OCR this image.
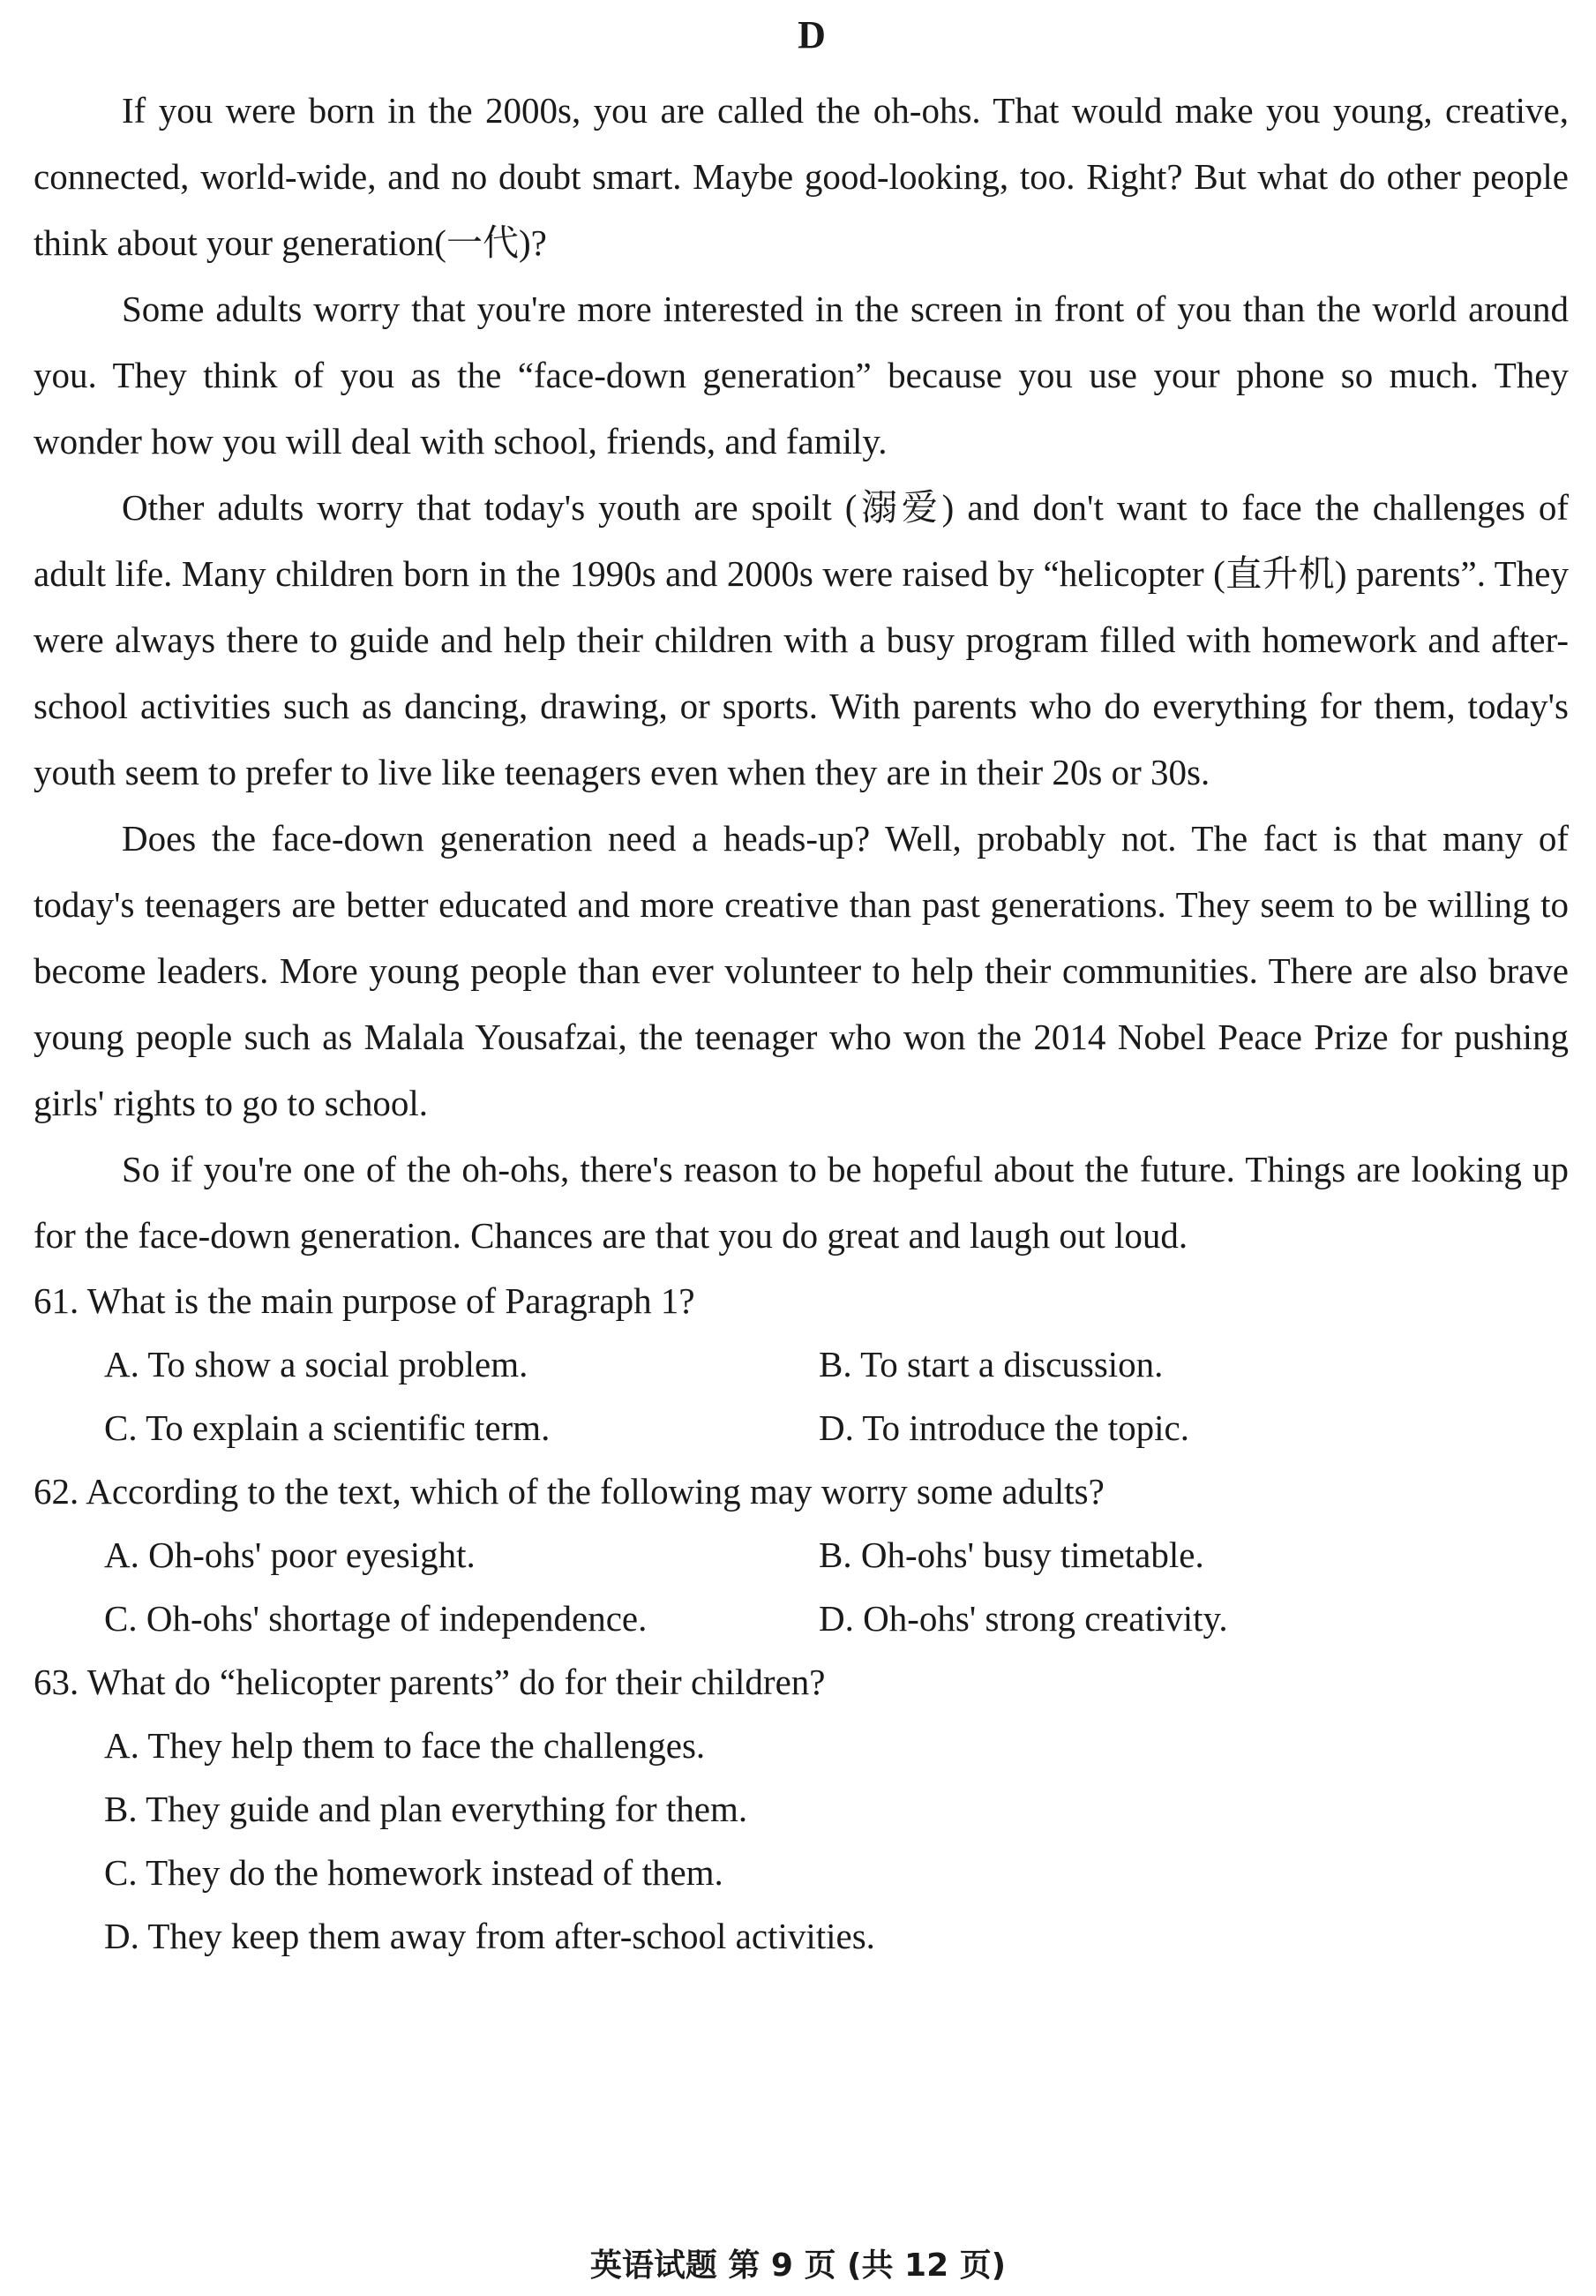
D

If you were born in the 2000s, you are called the oh-ohs. That would make you young, creative, connected, world-wide, and no doubt smart. Maybe good-looking, too. Right? But what do other people think about your generation(一代)?

Some adults worry that you're more interested in the screen in front of you than the world around you. They think of you as the “face-down generation” because you use your phone so much. They wonder how you will deal with school, friends, and family.

Other adults worry that today's youth are spoilt (溺爱) and don't want to face the challenges of adult life. Many children born in the 1990s and 2000s were raised by “helicopter (直升机) parents”. They were always there to guide and help their children with a busy program filled with homework and after-school activities such as dancing, drawing, or sports. With parents who do everything for them, today's youth seem to prefer to live like teenagers even when they are in their 20s or 30s.

Does the face-down generation need a heads-up? Well, probably not. The fact is that many of today's teenagers are better educated and more creative than past generations. They seem to be willing to become leaders. More young people than ever volunteer to help their communities. There are also brave young people such as Malala Yousafzai, the teenager who won the 2014 Nobel Peace Prize for pushing girls' rights to go to school.

So if you're one of the oh-ohs, there's reason to be hopeful about the future. Things are looking up for the face-down generation. Chances are that you do great and laugh out loud.

61. What is the main purpose of Paragraph 1?

A. To show a social problem.	B. To start a discussion.
C. To explain a scientific term.	D. To introduce the topic.

62. According to the text, which of the following may worry some adults?

A. Oh-ohs' poor eyesight.	B. Oh-ohs' busy timetable.
C. Oh-ohs' shortage of independence.	D. Oh-ohs' strong creativity.

63. What do “helicopter parents” do for their children?

A. They help them to face the challenges.
B. They guide and plan everything for them.
C. They do the homework instead of them.
D. They keep them away from after-school activities.
英语试题 第 9 页 (共 12 页)
